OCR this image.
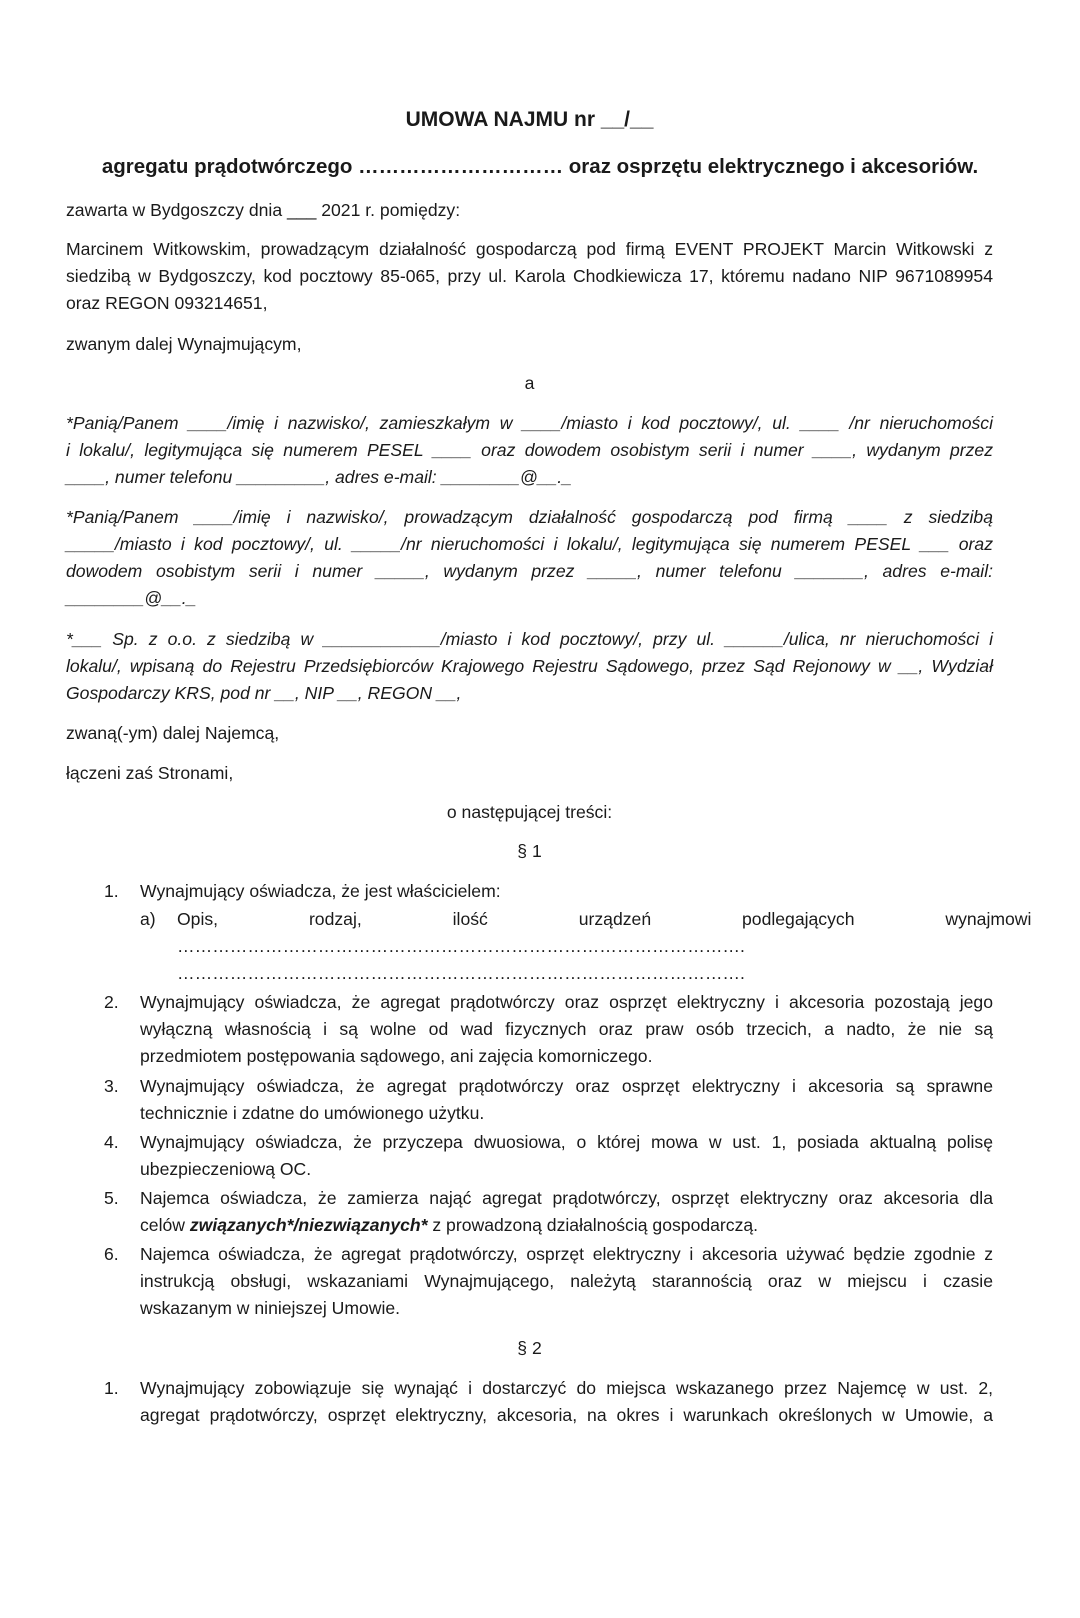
UMOWA NAJMU nr __/__
agregatu prądotwórczego ………………………… oraz osprzętu elektrycznego i akcesoriów.
zawarta w Bydgoszczy dnia ___ 2021 r. pomiędzy:
Marcinem Witkowskim, prowadzącym działalność gospodarczą pod firmą EVENT PROJEKT Marcin Witkowski z
siedzibą w Bydgoszczy, kod pocztowy 85-065, przy ul. Karola Chodkiewicza 17, któremu nadano NIP 9671089954
oraz REGON 093214651,
zwanym dalej Wynajmującym,
a
*Panią/Panem ____/imię i nazwisko/, zamieszkałym w ____/miasto i kod pocztowy/, ul. ____ /nr nieruchomości
i lokalu/, legitymująca się numerem PESEL ____ oraz dowodem osobistym serii i numer ____, wydanym przez
____, numer telefonu _________, adres e-mail: ________@__._
*Panią/Panem ____/imię i nazwisko/, prowadzącym działalność gospodarczą pod firmą ____ z siedzibą
_____/miasto i kod pocztowy/, ul. _____/nr nieruchomości i lokalu/, legitymująca się numerem PESEL ___ oraz
dowodem osobistym serii i numer _____, wydanym przez _____, numer telefonu _______, adres e-mail:
________@__._
*___ Sp. z o.o. z siedzibą w ____________/miasto i kod pocztowy/, przy ul. ______/ulica, nr nieruchomości i
lokalu/, wpisaną do Rejestru Przedsiębiorców Krajowego Rejestru Sądowego, przez Sąd Rejonowy w __, Wydział
Gospodarczy KRS, pod nr __, NIP __, REGON __,
zwaną(-ym) dalej Najemcą,
łączeni zaś Stronami,
o następującej treści:
§ 1
1.	Wynajmujący oświadcza, że jest właścicielem:
a) Opis, rodzaj, ilość urządzeń podlegających wynajmowi
…………………………………………………………………………………….
…………………………………………………………………………………….
2.	Wynajmujący oświadcza, że agregat prądotwórczy oraz osprzęt elektryczny i akcesoria pozostają jego
wyłączną własnością i są wolne od wad fizycznych oraz praw osób trzecich, a nadto, że nie są
przedmiotem postępowania sądowego, ani zajęcia komorniczego.
3.	Wynajmujący oświadcza, że agregat prądotwórczy oraz osprzęt elektryczny i akcesoria są sprawne
technicznie i zdatne do umówionego użytku.
4.	Wynajmujący oświadcza, że przyczepa dwuosiowa, o której mowa w ust. 1, posiada aktualną polisę
ubezpieczeniową OC.
5.	Najemca oświadcza, że zamierza nająć agregat prądotwórczy, osprzęt elektryczny oraz akcesoria dla
celów związanych*/niezwiązanych* z prowadzoną działalnością gospodarczą.
6.	Najemca oświadcza, że agregat prądotwórczy, osprzęt elektryczny i akcesoria używać będzie zgodnie z
instrukcją obsługi, wskazaniami Wynajmującego, należytą starannością oraz w miejscu i czasie
wskazanym w niniejszej Umowie.
§ 2
1.	Wynajmujący zobowiązuje się wynająć i dostarczyć do miejsca wskazanego przez Najemcę w ust. 2,
agregat prądotwórczy, osprzęt elektryczny, akcesoria, na okres i warunkach określonych w Umowie, a
